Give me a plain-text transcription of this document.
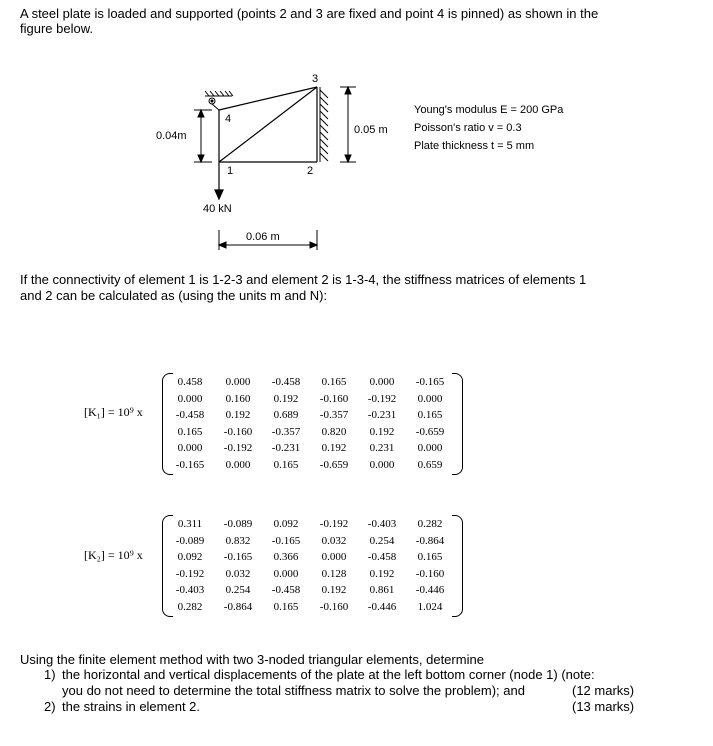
A steel plate is loaded and supported (points 2 and 3 are fixed and point 4 is pinned) as shown in the
figure below.
1	2
3
4
0.04m	0.05 m
40 kN
0.06 m
Young's modulus E = 200 GPa
Poisson's ratio v = 0.3
Plate thickness t = 5 mm
If the connectivity of element 1 is 1-2-3 and element 2 is 1-3-4, the stiffness matrices of elements 1
and 2 can be calculated as (using the units m and N):
[K₁] = 10⁹ x
0.458	0.000	-0.458	0.165	0.000	-0.165
0.000	0.160	0.192	-0.160	-0.192	0.000
-0.458	0.192	0.689	-0.357	-0.231	0.165
0.165	-0.160	-0.357	0.820	0.192	-0.659
0.000	-0.192	-0.231	0.192	0.231	0.000
-0.165	0.000	0.165	-0.659	0.000	0.659
[K₂] = 10⁹ x
0.311	-0.089	0.092	-0.192	-0.403	0.282
-0.089	0.832	-0.165	0.032	0.254	-0.864
0.092	-0.165	0.366	0.000	-0.458	0.165
-0.192	0.032	0.000	0.128	0.192	-0.160
-0.403	0.254	-0.458	0.192	0.861	-0.446
0.282	-0.864	0.165	-0.160	-0.446	1.024
Using the finite element method with two 3-noded triangular elements, determine
1) the horizontal and vertical displacements of the plate at the left bottom corner (node 1) (note:
you do not need to determine the total stiffness matrix to solve the problem); and	(12 marks)
2) the strains in element 2.	(13 marks)
